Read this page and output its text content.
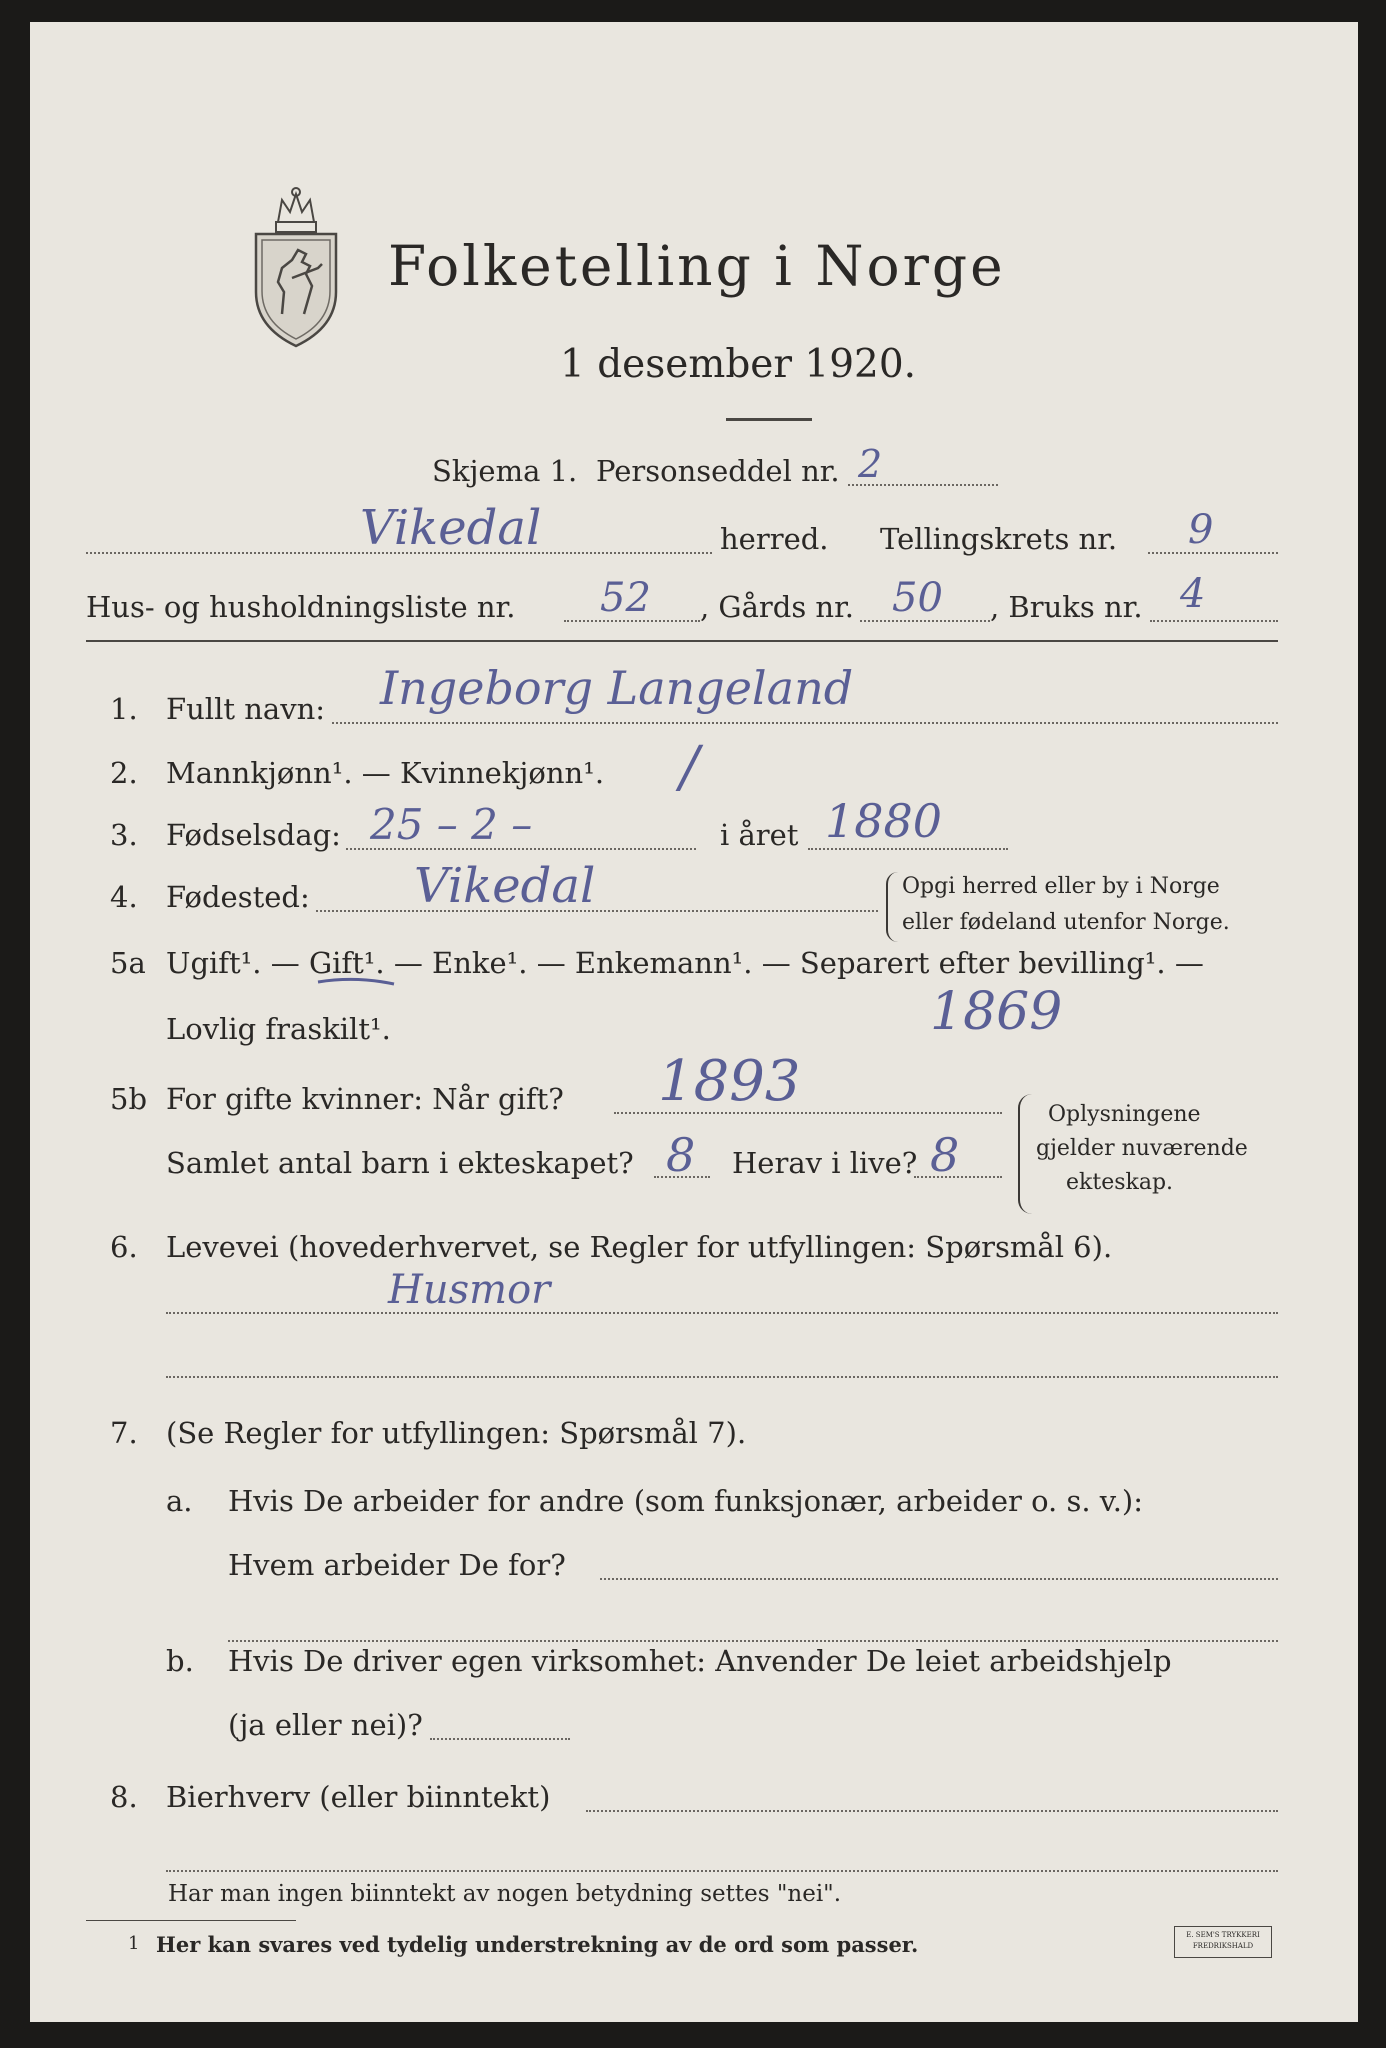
Folketelling i Norge
1 desember 1920.
Skjema 1. Personseddel nr. 2
Vikedal	herred. Tellingskrets nr. 9
Hus- og husholdningsliste nr. 52 , Gårds nr. 50 , Bruks nr. 4
1. Fullt navn: Ingeborg Langeland
2. Mannkjønn¹. — Kvinnekjønn¹. /
3. Fødselsdag: 25 – 2 –	i året 1880
4. Fødested: Vikedal	Opgi herred eller by i Norge
eller fødeland utenfor Norge.
5a Ugift¹. — Gift¹. — Enke¹. — Enkemann¹. — Separert efter bevilling¹. —
Lovlig fraskilt¹.	1869
5b For gifte kvinner: Når gift? 1893
Samlet antal barn i ekteskapet? 8 Herav i live? 8
Oplysningene
gjelder nuværende
ekteskap.
6. Levevei (hovederhvervet, se Regler for utfyllingen: Spørsmål 6).
Husmor
7. (Se Regler for utfyllingen: Spørsmål 7).
a. Hvis De arbeider for andre (som funksjonær, arbeider o. s. v.):
Hvem arbeider De for?
b. Hvis De driver egen virksomhet: Anvender De leiet arbeidshjelp
(ja eller nei)?
8. Bierhverv (eller biinntekt)
Har man ingen biinntekt av nogen betydning settes "nei".
1 Her kan svares ved tydelig understrekning av de ord som passer.	E. SEM'S TRYKKERI
FREDRIKSHALD
